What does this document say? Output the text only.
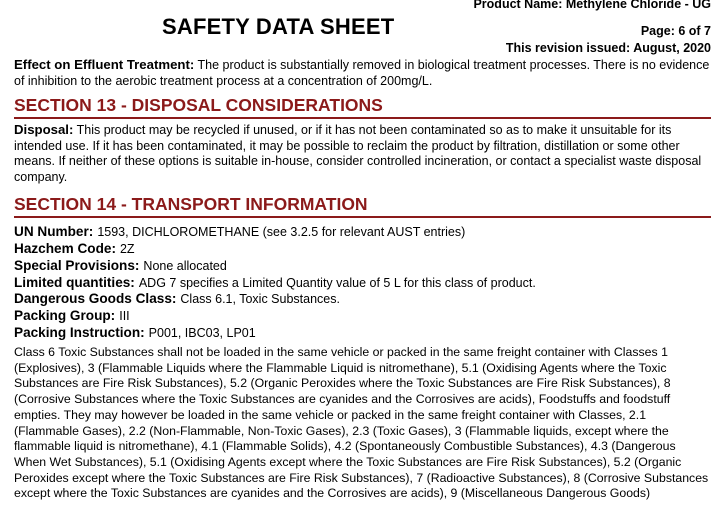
Product Name: Methylene Chloride - UG
SAFETY DATA SHEET	Page: 6 of 7
This revision issued: August, 2020
Effect on Effluent Treatment: The product is substantially removed in biological treatment processes. There is no evidence of inhibition to the aerobic treatment process at a concentration of 200mg/L.
SECTION 13 - DISPOSAL CONSIDERATIONS
Disposal: This product may be recycled if unused, or if it has not been contaminated so as to make it unsuitable for its intended use. If it has been contaminated, it may be possible to reclaim the product by filtration, distillation or some other means. If neither of these options is suitable in-house, consider controlled incineration, or contact a specialist waste disposal company.
SECTION 14 - TRANSPORT INFORMATION
UN Number: 1593, DICHLOROMETHANE (see 3.2.5 for relevant AUST entries)
Hazchem Code: 2Z
Special Provisions: None allocated
Limited quantities: ADG 7 specifies a Limited Quantity value of 5 L for this class of product.
Dangerous Goods Class: Class 6.1, Toxic Substances.
Packing Group: III
Packing Instruction: P001, IBC03, LP01
Class 6 Toxic Substances shall not be loaded in the same vehicle or packed in the same freight container with Classes 1 (Explosives), 3 (Flammable Liquids where the Flammable Liquid is nitromethane), 5.1 (Oxidising Agents where the Toxic Substances are Fire Risk Substances), 5.2 (Organic Peroxides where the Toxic Substances are Fire Risk Substances), 8 (Corrosive Substances where the Toxic Substances are cyanides and the Corrosives are acids), Foodstuffs and foodstuff empties. They may however be loaded in the same vehicle or packed in the same freight container with Classes, 2.1 (Flammable Gases), 2.2 (Non-Flammable, Non-Toxic Gases), 2.3 (Toxic Gases), 3 (Flammable liquids, except where the flammable liquid is nitromethane), 4.1 (Flammable Solids), 4.2 (Spontaneously Combustible Substances), 4.3 (Dangerous When Wet Substances), 5.1 (Oxidising Agents except where the Toxic Substances are Fire Risk Substances), 5.2 (Organic Peroxides except where the Toxic Substances are Fire Risk Substances), 7 (Radioactive Substances), 8 (Corrosive Substances except where the Toxic Substances are cyanides and the Corrosives are acids), 9 (Miscellaneous Dangerous Goods)
